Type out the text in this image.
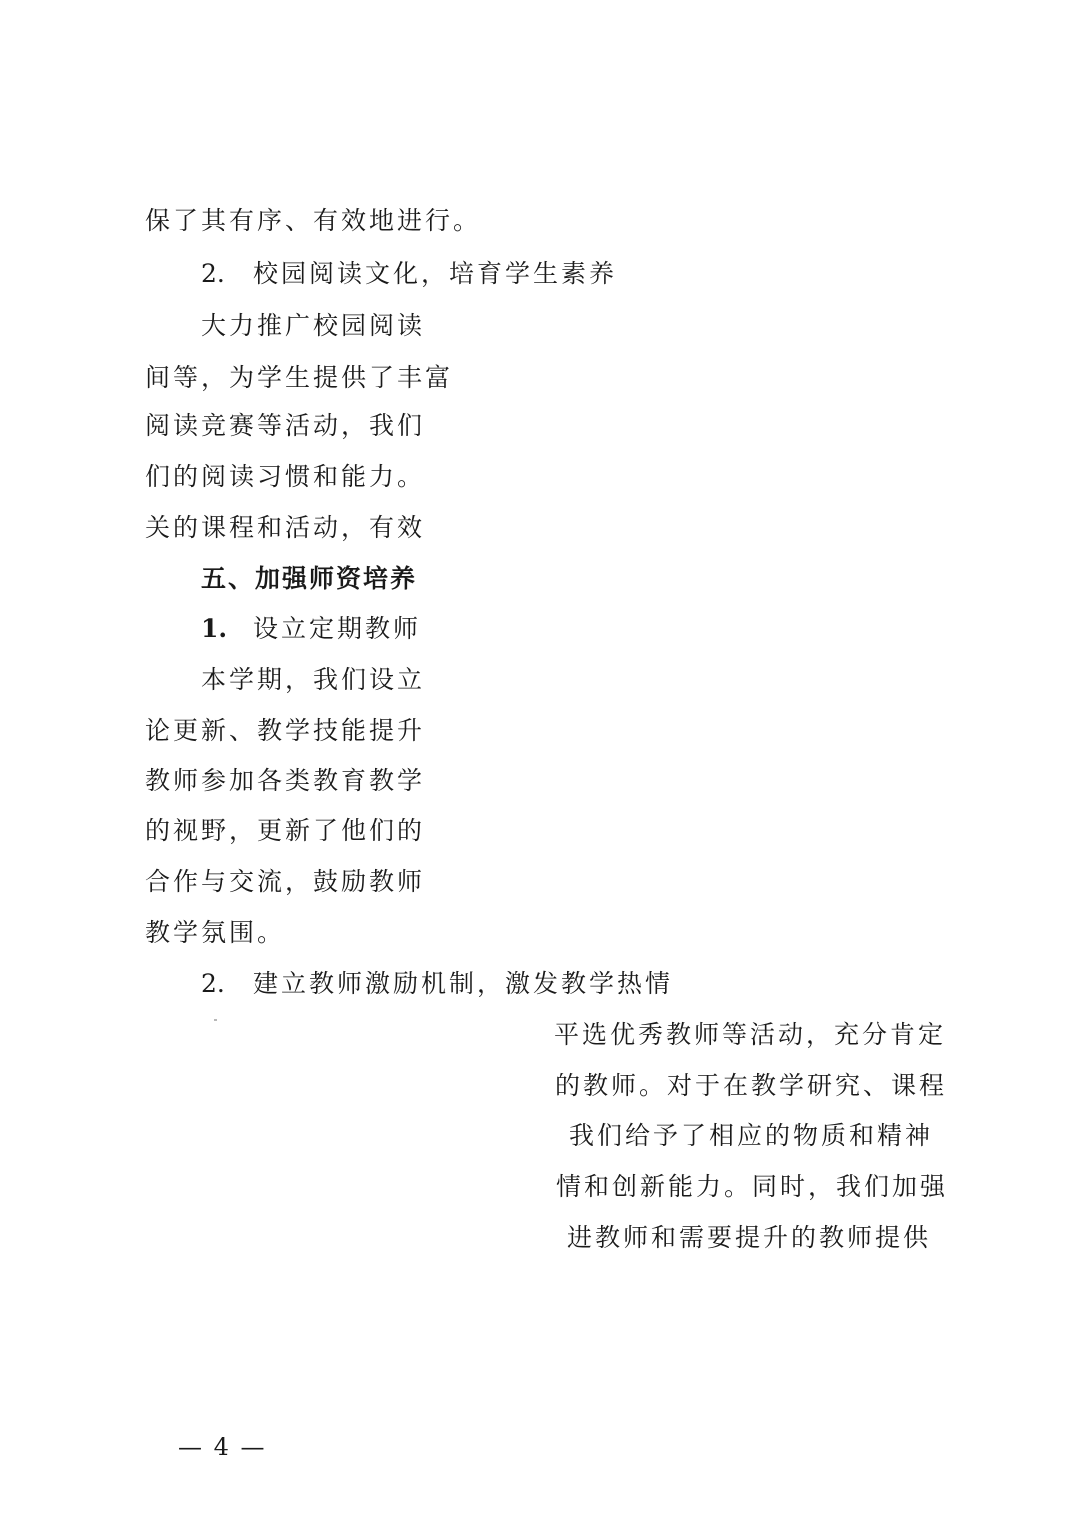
保了其有序、有效地进行。
2. 校园阅读文化，培育学生素养
大力推广校园阅读
间等，为学生提供了丰富
阅读竞赛等活动，我们
们的阅读习惯和能力。
关的课程和活动，有效
五、加强师资培养
1. 设立定期教师
本学期，我们设立
论更新、教学技能提升
教师参加各类教育教学
的视野，更新了他们的
合作与交流，鼓励教师
教学氛围。
2. 建立教师激励机制，激发教学热情
平选优秀教师等活动，充分肯定
的教师。对于在教学研究、课程
我们给予了相应的物质和精神
情和创新能力。同时，我们加强
进教师和需要提升的教师提供
— 4 —
